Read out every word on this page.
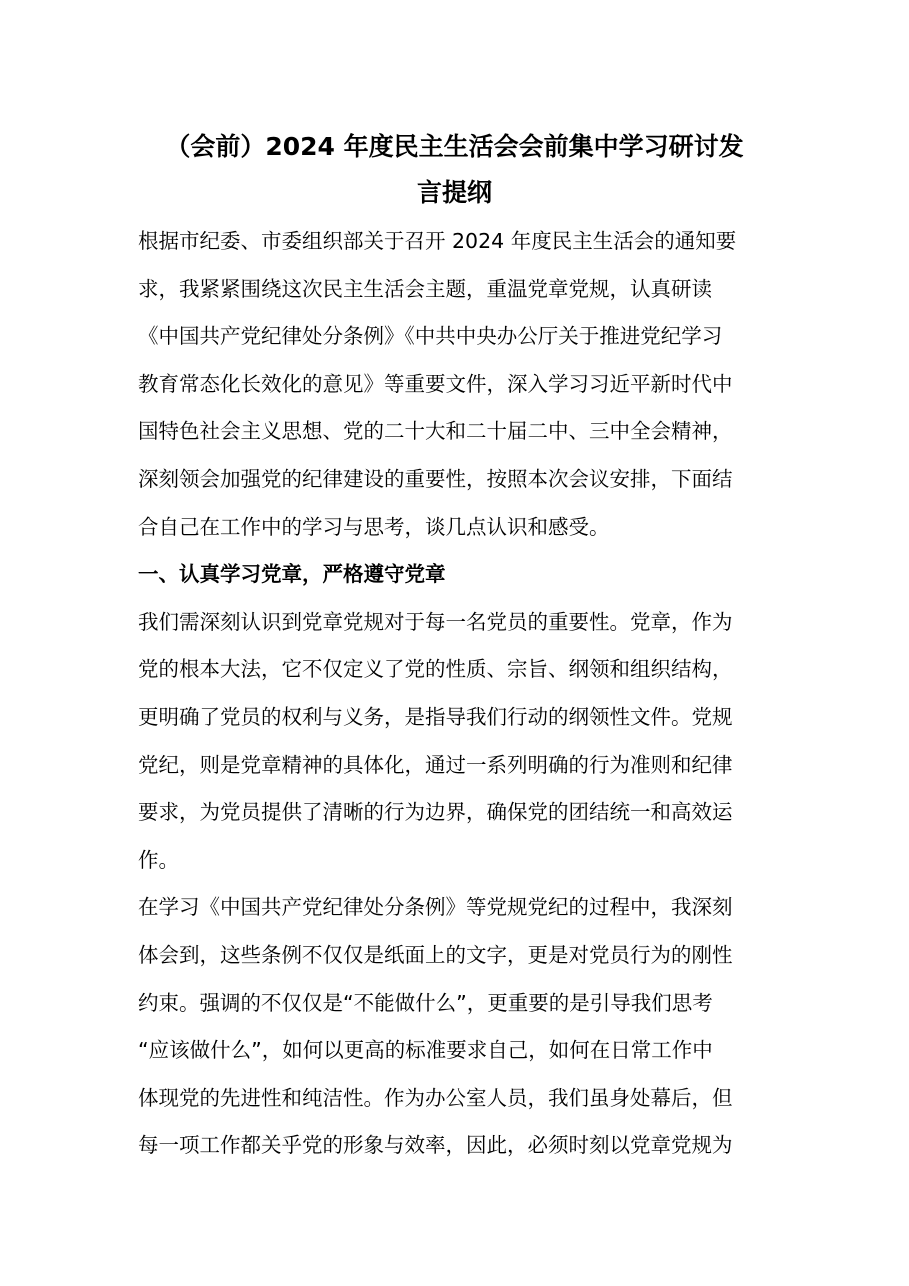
（会前）2024 年度民主生活会会前集中学习研讨发
言提纲
根据市纪委、市委组织部关于召开 2024 年度民主生活会的通知要
求，我紧紧围绕这次民主生活会主题，重温党章党规，认真研读
《中国共产党纪律处分条例》《中共中央办公厅关于推进党纪学习
教育常态化长效化的意见》等重要文件，深入学习习近平新时代中
国特色社会主义思想、党的二十大和二十届二中、三中全会精神，
深刻领会加强党的纪律建设的重要性，按照本次会议安排，下面结
合自己在工作中的学习与思考，谈几点认识和感受。
一、认真学习党章，严格遵守党章
我们需深刻认识到党章党规对于每一名党员的重要性。党章，作为
党的根本大法，它不仅定义了党的性质、宗旨、纲领和组织结构，
更明确了党员的权利与义务，是指导我们行动的纲领性文件。党规
党纪，则是党章精神的具体化，通过一系列明确的行为准则和纪律
要求，为党员提供了清晰的行为边界，确保党的团结统一和高效运
作。
在学习《中国共产党纪律处分条例》等党规党纪的过程中，我深刻
体会到，这些条例不仅仅是纸面上的文字，更是对党员行为的刚性
约束。强调的不仅仅是“不能做什么”，更重要的是引导我们思考
“应该做什么”，如何以更高的标准要求自己，如何在日常工作中
体现党的先进性和纯洁性。作为办公室人员，我们虽身处幕后，但
每一项工作都关乎党的形象与效率，因此，必须时刻以党章党规为
